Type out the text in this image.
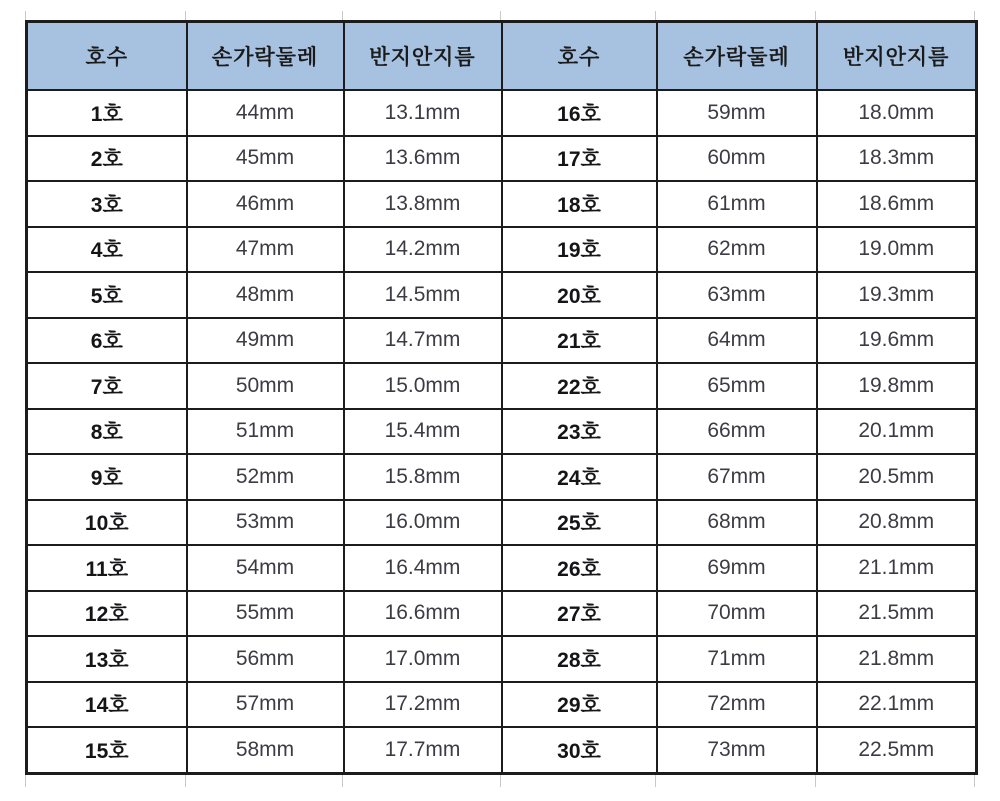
호수	손가락둘레	반지안지름	호수	손가락둘레	반지안지름
1호	44mm	13.1mm	16호	59mm	18.0mm
2호	45mm	13.6mm	17호	60mm	18.3mm
3호	46mm	13.8mm	18호	61mm	18.6mm
4호	47mm	14.2mm	19호	62mm	19.0mm
5호	48mm	14.5mm	20호	63mm	19.3mm
6호	49mm	14.7mm	21호	64mm	19.6mm
7호	50mm	15.0mm	22호	65mm	19.8mm
8호	51mm	15.4mm	23호	66mm	20.1mm
9호	52mm	15.8mm	24호	67mm	20.5mm
10호	53mm	16.0mm	25호	68mm	20.8mm
11호	54mm	16.4mm	26호	69mm	21.1mm
12호	55mm	16.6mm	27호	70mm	21.5mm
13호	56mm	17.0mm	28호	71mm	21.8mm
14호	57mm	17.2mm	29호	72mm	22.1mm
15호	58mm	17.7mm	30호	73mm	22.5mm
